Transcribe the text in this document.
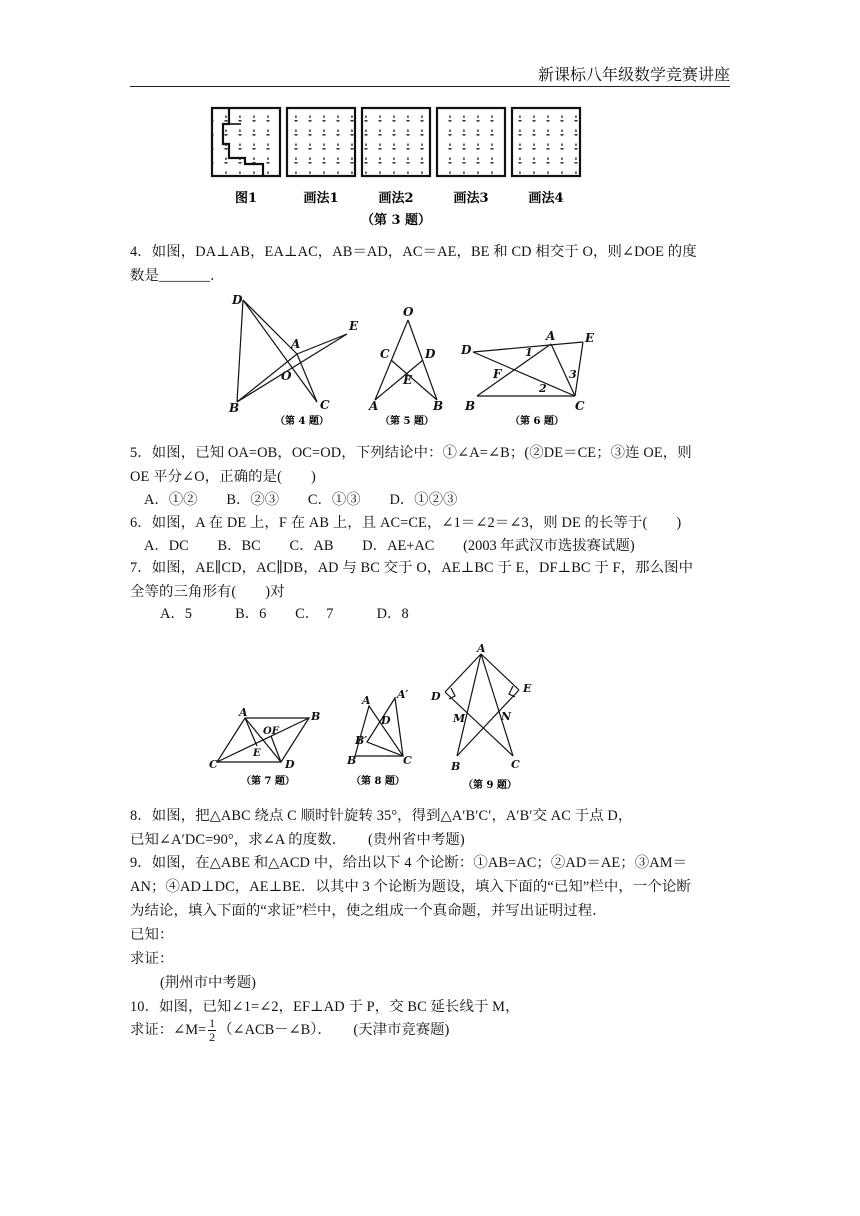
新课标八年级数学竞赛讲座
图1	画法1	画法2	画法3	画法4
（第 3 题）
4．如图，DA⊥AB，EA⊥AC，AB＝AD，AC＝AE，BE 和 CD 相交于 O，则∠DOE 的度
数是_______．
D
E
A
O
B	C
（第 4 题）
O
C	D
E
A	B
（第 5 题）
D
A E
F
1
3
2
B	C
（第 6 题）
5．如图，已知 OA=OB，OC=OD，下列结论中：①∠A=∠B；(②DE＝CE；③连 OE，则
OE 平分∠O，正确的是(　　)
A．①②　　B．②③　　C．①③　　D．①②③
6．如图，A 在 DE 上，F 在 AB 上，且 AC=CE，∠1＝∠2＝∠3，则 DE 的长等于(　　)
A．DC　　B．BC　　C．AB　　D．AE+AC　　(2003 年武汉市选拔赛试题)
7．如图，AE∥CD，AC∥DB，AD 与 BC 交于 O，AE⊥BC 于 E，DF⊥BC 于 F，那么图中
全等的三角形有(　　)对
A．5　　　B．6　　C．　7　　　D．8
A	B
C	D
OF
E
（第 7 题）
A A′
D
B′
B	C
（第 8 题）
A
D
E
M	N
B	C
（第 9 题）
8．如图，把△ABC 绕点 C 顺时针旋转 35°，得到△A′B′C′，A′B′交 AC 于点 D，
已知∠A′DC=90°，求∠A 的度数．　　(贵州省中考题)
9．如图，在△ABE 和△ACD 中，给出以下 4 个论断：①AB=AC；②AD＝AE；③AM＝
AN；④AD⊥DC，AE⊥BE．以其中 3 个论断为题设，填入下面的“已知”栏中，一个论断
为结论，填入下面的“求证”栏中，使之组成一个真命题，并写出证明过程．
已知：
求证：
(荆州市中考题)
10．如图，已知∠1=∠2，EF⊥AD 于 P，交 BC 延长线于 M，
求证：∠M= $\frac{1}{2}$ （∠ACB－∠B）．　　(天津市竞赛题)
